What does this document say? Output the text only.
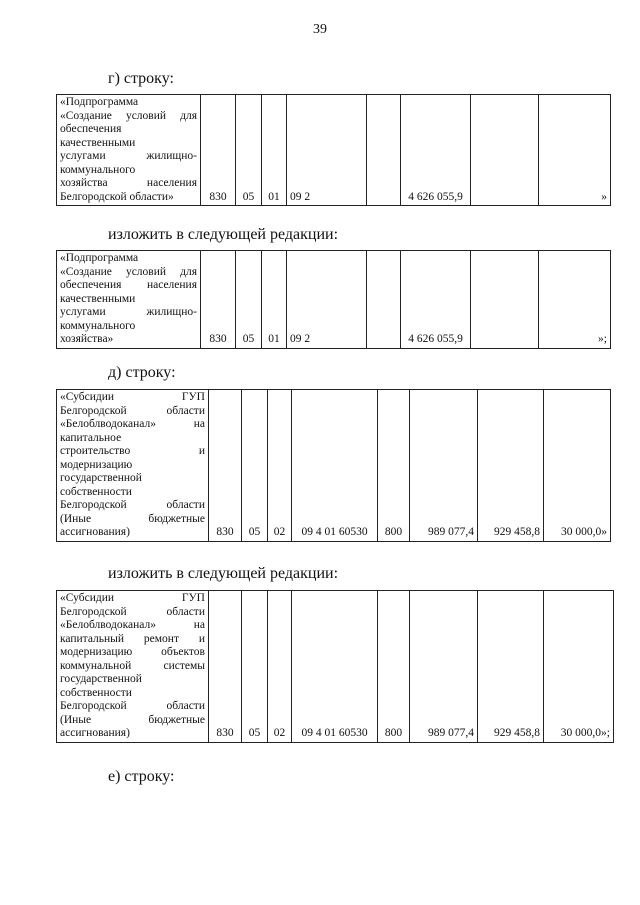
39
г) строку:
«Подпрограмма
«Создание условий для
обеспечения
качественными
услугами жилищно-
коммунального
хозяйства населения
Белгородской области»	830	05	01	09 2		4 626 055,9		»
изложить в следующей редакции:
«Подпрограмма
«Создание условий для
обеспечения населения
качественными
услугами жилищно-
коммунального
хозяйства»	830	05	01	09 2		4 626 055,9		»;
д) строку:
«Субсидии ГУП
Белгородской области
«Белоблводоканал» на
капитальное
строительство и
модернизацию
государственной
собственности
Белгородской области
(Иные бюджетные
ассигнования)	830	05	02	09 4 01 60530	800	989 077,4	929 458,8	30 000,0»
изложить в следующей редакции:
«Субсидии ГУП
Белгородской области
«Белоблводоканал» на
капитальный ремонт и
модернизацию объектов
коммунальной системы
государственной
собственности
Белгородской области
(Иные бюджетные
ассигнования)	830	05	02	09 4 01 60530	800	989 077,4	929 458,8	30 000,0»;
е) строку:
